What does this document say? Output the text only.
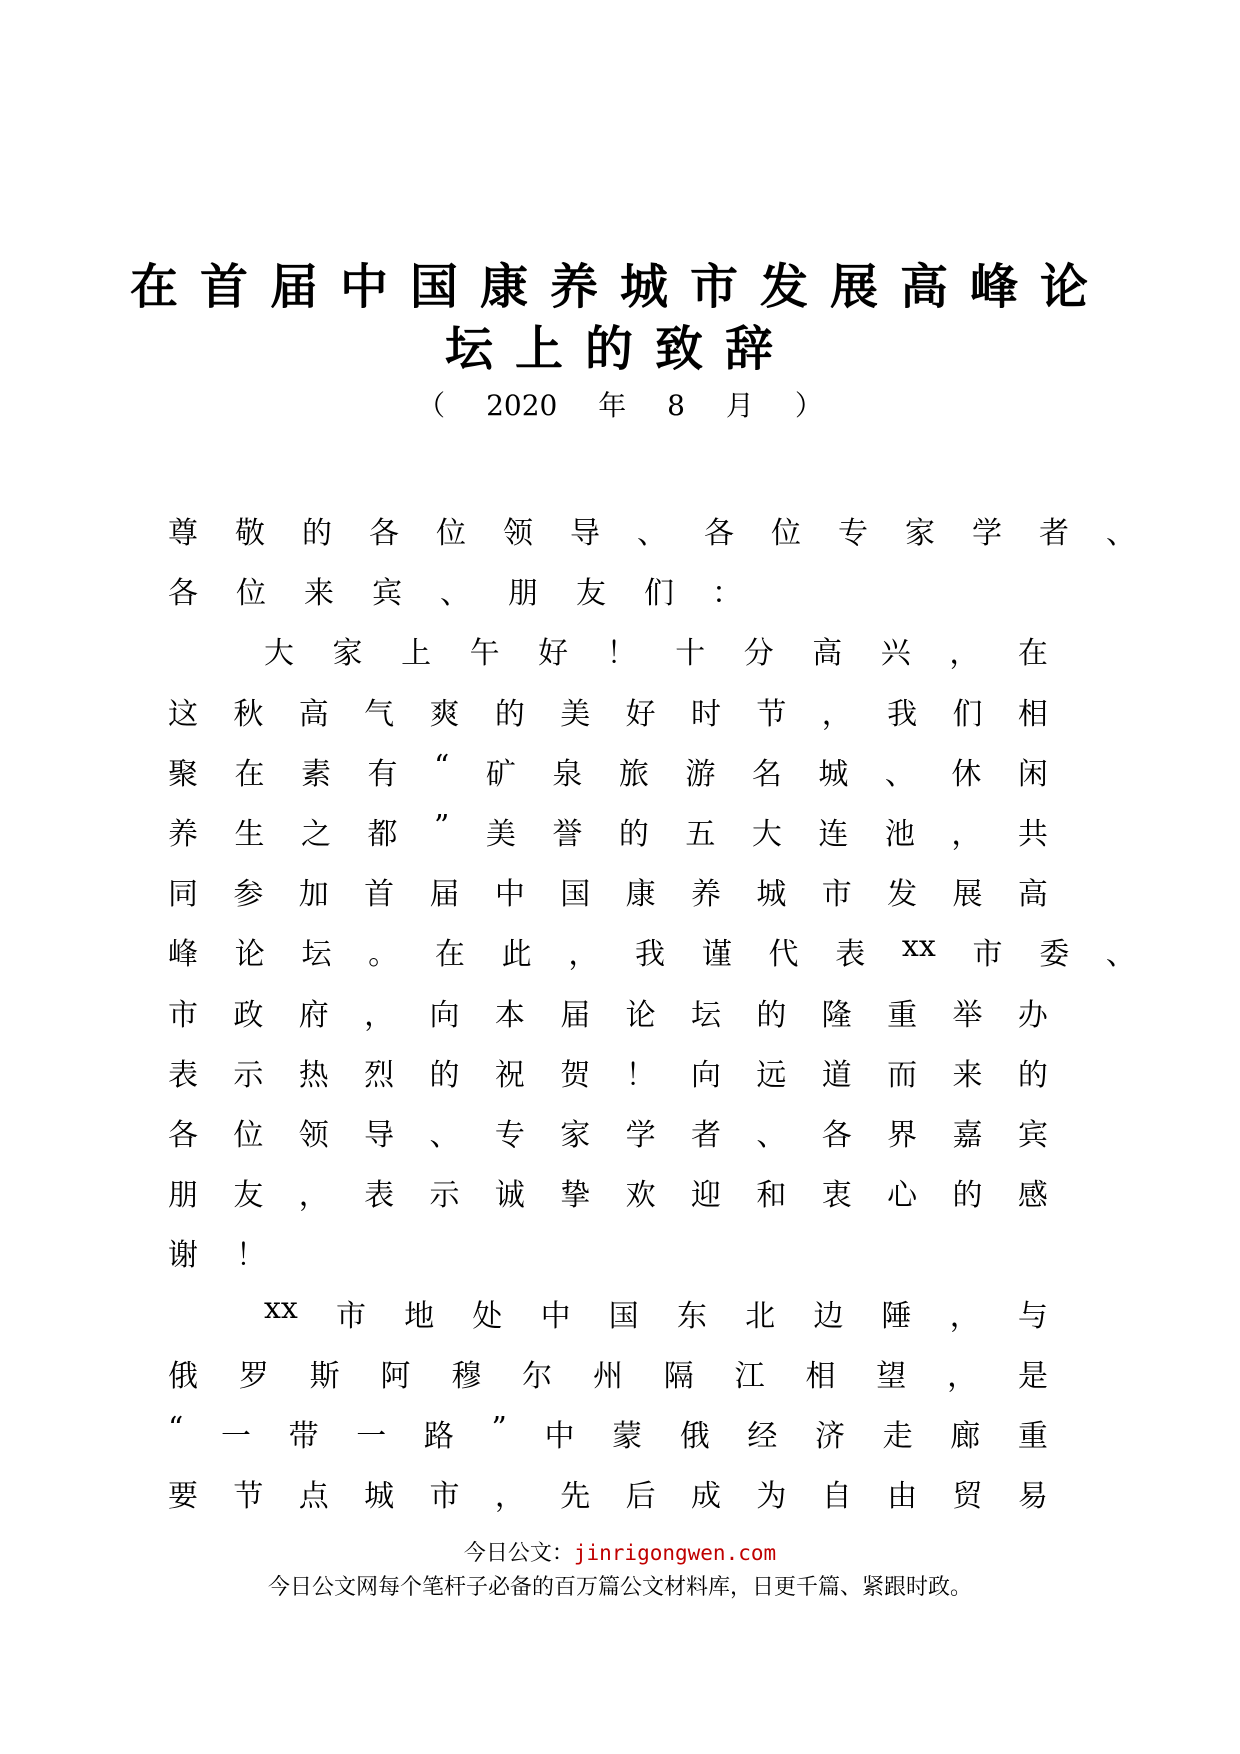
在首届中国康养城市发展高峰论
坛上的致辞
（ 2020 年 8 月 ）
尊 敬 的 各 位 领 导 、 各 位 专 家 学 者 、
各 位 来 宾 、 朋 友 们 ：
大 家 上 午 好 ！ 十 分 高 兴 ， 在
这 秋 高 气 爽 的 美 好 时 节 ， 我 们 相
聚 在 素 有 “ 矿 泉 旅 游 名 城 、 休 闲
养 生 之 都 ” 美 誉 的 五 大 连 池 ， 共
同 参 加 首 届 中 国 康 养 城 市 发 展 高
峰 论 坛 。 在 此 ， 我 谨 代 表 xx 市 委 、
市 政 府 ， 向 本 届 论 坛 的 隆 重 举 办
表 示 热 烈 的 祝 贺 ！ 向 远 道 而 来 的
各 位 领 导 、 专 家 学 者 、 各 界 嘉 宾
朋 友 ， 表 示 诚 挚 欢 迎 和 衷 心 的 感
谢 ！
xx 市 地 处 中 国 东 北 边 陲 ， 与
俄 罗 斯 阿 穆 尔 州 隔 江 相 望 ， 是
“ 一 带 一 路 ” 中 蒙 俄 经 济 走 廊 重
要 节 点 城 市 ， 先 后 成 为 自 由 贸 易
今日公文：jinrigongwen.com
今日公文网每个笔杆子必备的百万篇公文材料库，日更千篇、紧跟时政。
